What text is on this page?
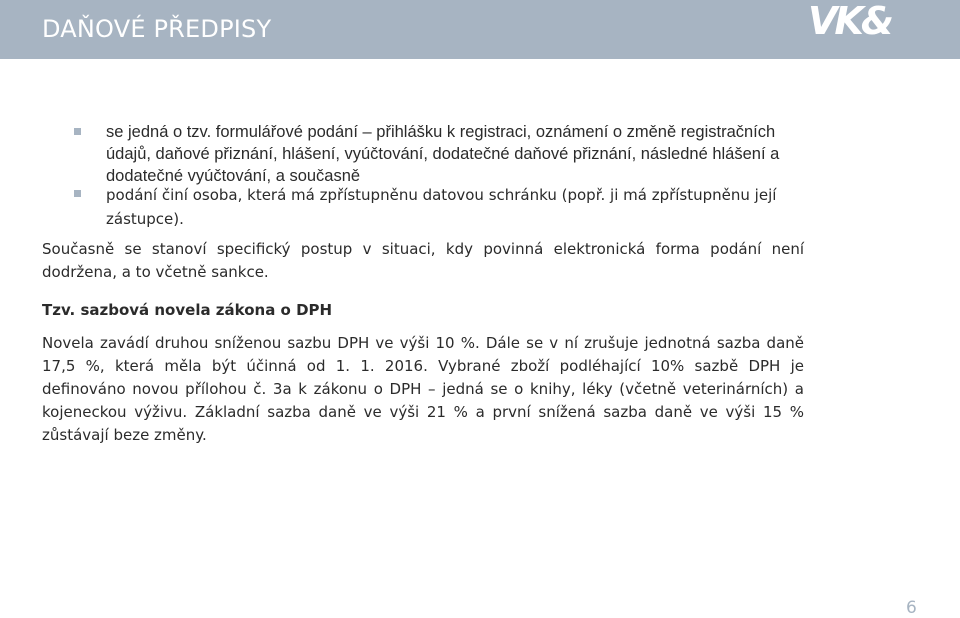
DAŇOVÉ PŘEDPISY	VK&
se jedná o tzv. formulářové podání – přihlášku k registraci, oznámení o změně registračních údajů, daňové přiznání, hlášení, vyúčtování, dodatečné daňové přiznání, následné hlášení a dodatečné vyúčtování, a současně
podání činí osoba, která má zpřístupněnu datovou schránku (popř. ji má zpřístupněnu její zástupce).
Současně se stanoví specifický postup v situaci, kdy povinná elektronická forma podání není dodržena, a to včetně sankce.
Tzv. sazbová novela zákona o DPH
Novela zavádí druhou sníženou sazbu DPH ve výši 10 %. Dále se v ní zrušuje jednotná sazba daně 17,5 %, která měla být účinná od 1. 1. 2016. Vybrané zboží podléhající 10% sazbě DPH je definováno novou přílohou č. 3a k zákonu o DPH – jedná se o knihy, léky (včetně veterinárních) a kojeneckou výživu. Základní sazba daně ve výši 21 % a první snížená sazba daně ve výši 15 % zůstávají beze změny.
6
